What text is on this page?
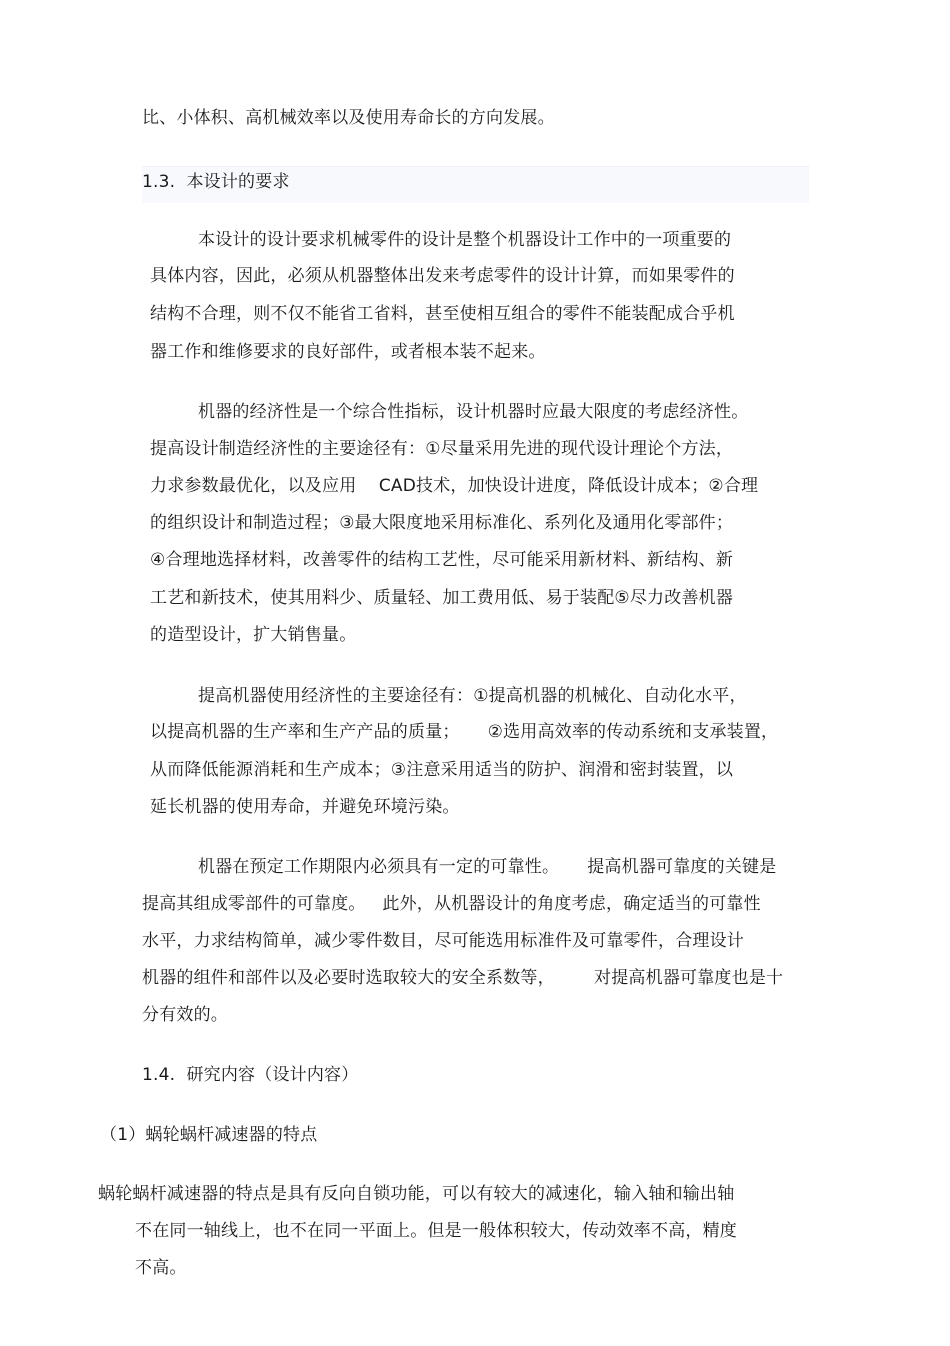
比、小体积、高机械效率以及使用寿命长的方向发展。
1.3.  本设计的要求
本设计的设计要求机械零件的设计是整个机器设计工作中的一项重要的
具体内容，因此，必须从机器整体出发来考虑零件的设计计算，而如果零件的
结构不合理，则不仅不能省工省料，甚至使相互组合的零件不能装配成合乎机
器工作和维修要求的良好部件，或者根本装不起来。
机器的经济性是一个综合性指标，设计机器时应最大限度的考虑经济性。
提高设计制造经济性的主要途径有：①尽量采用先进的现代设计理论个方法，
力求参数最优化，以及应用    CAD技术，加快设计进度，降低设计成本；②合理
的组织设计和制造过程；③最大限度地采用标准化、系列化及通用化零部件；
④合理地选择材料，改善零件的结构工艺性，尽可能采用新材料、新结构、新
工艺和新技术，使其用料少、质量轻、加工费用低、易于装配⑤尽力改善机器
的造型设计，扩大销售量。
提高机器使用经济性的主要途径有：①提高机器的机械化、自动化水平，
以提高机器的生产率和生产产品的质量；     ②选用高效率的传动系统和支承装置，
从而降低能源消耗和生产成本；③注意采用适当的防护、润滑和密封装置，以
延长机器的使用寿命，并避免环境污染。
机器在预定工作期限内必须具有一定的可靠性。     提高机器可靠度的关键是
提高其组成零部件的可靠度。   此外，从机器设计的角度考虑，确定适当的可靠性
水平，力求结构简单，减少零件数目，尽可能选用标准件及可靠零件，合理设计
机器的组件和部件以及必要时选取较大的安全系数等，       对提高机器可靠度也是十
分有效的。
1.4.  研究内容（设计内容）
（1）蜗轮蜗杆减速器的特点
蜗轮蜗杆减速器的特点是具有反向自锁功能，可以有较大的减速化，输入轴和输出轴
不在同一轴线上，也不在同一平面上。但是一般体积较大，传动效率不高，精度
不高。
